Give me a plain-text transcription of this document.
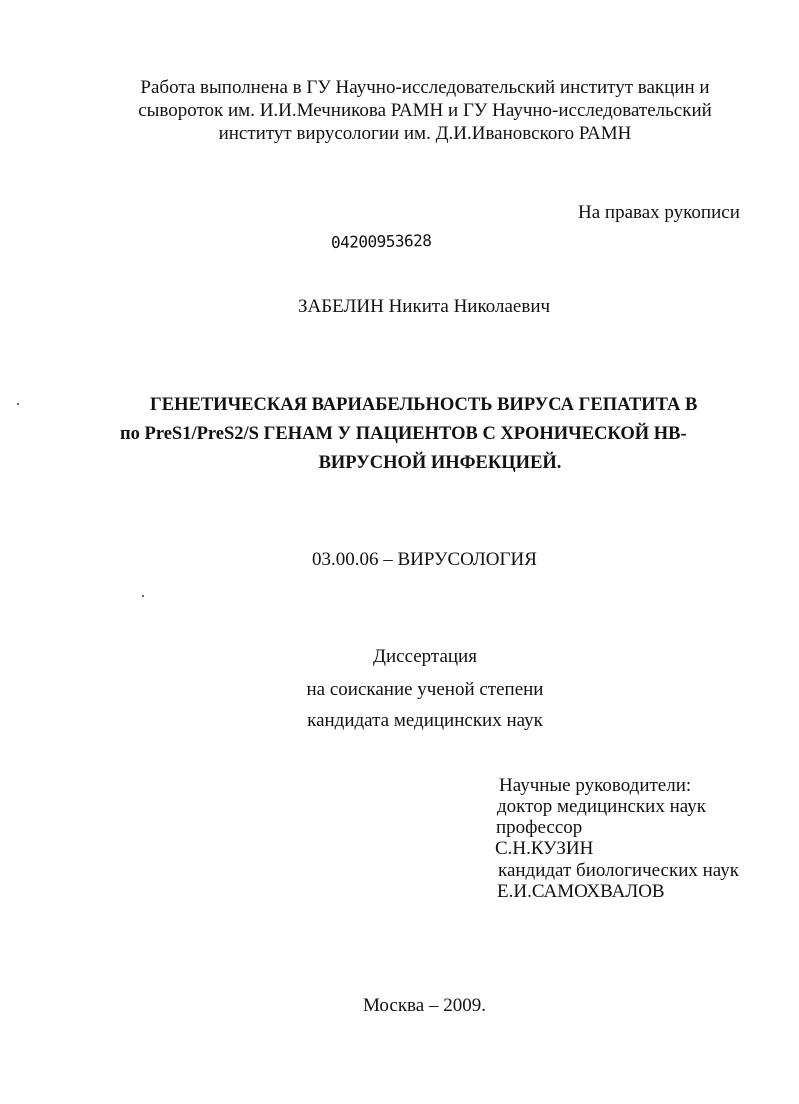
Работа выполнена в ГУ Научно-исследовательский институт вакцин и
сывороток им. И.И.Мечникова РАМН и ГУ Научно-исследовательский
институт вирусологии им. Д.И.Ивановского РАМН
На правах рукописи
04200953628
ЗАБЕЛИН Никита Николаевич
ГЕНЕТИЧЕСКАЯ ВАРИАБЕЛЬНОСТЬ ВИРУСА ГЕПАТИТА В
по PreS1/PreS2/S ГЕНАМ У ПАЦИЕНТОВ С ХРОНИЧЕСКОЙ НВ-
ВИРУСНОЙ ИНФЕКЦИЕЙ.
03.00.06 – ВИРУСОЛОГИЯ
Диссертация
на соискание ученой степени
кандидата медицинских наук
Научные руководители:
доктор медицинских наук
профессор
С.Н.КУЗИН
кандидат биологических наук
Е.И.САМОХВАЛОВ
Москва – 2009.
